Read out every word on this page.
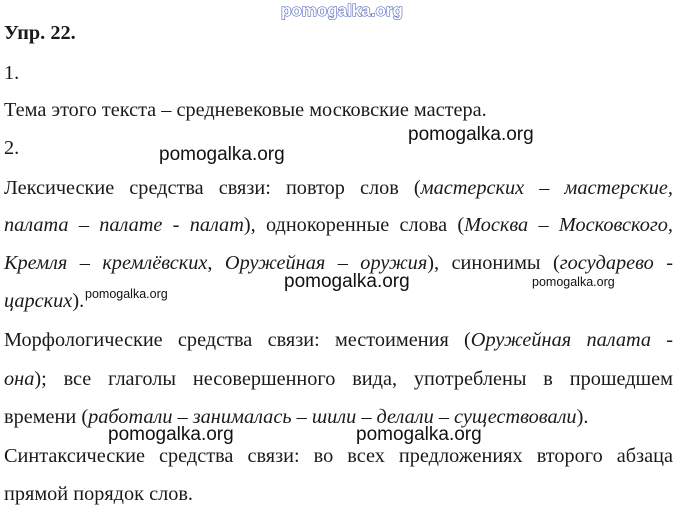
Упр. 22.
1.
Тема этого текста – средневековые московские мастера.
2.
Лексические средства связи: повтор слов (мастерских – мастерские,
палата – палате - палат), однокоренные слова (Москва – Московского,
Кремля – кремлёвских, Оружейная – оружия), синонимы (государево -
царских).
Морфологические средства связи: местоимения (Оружейная палата -
она); все глаголы несовершенного вида, употреблены в прошедшем
времени (работали – занималась – шили – делали – существовали).
Синтаксические средства связи: во всех предложениях второго абзаца
прямой порядок слов.
pomogalka.org
pomogalka.org
pomogalka.org
pomogalka.org
pomogalka.org
pomogalka.org
pomogalka.org	pomogalka.org
